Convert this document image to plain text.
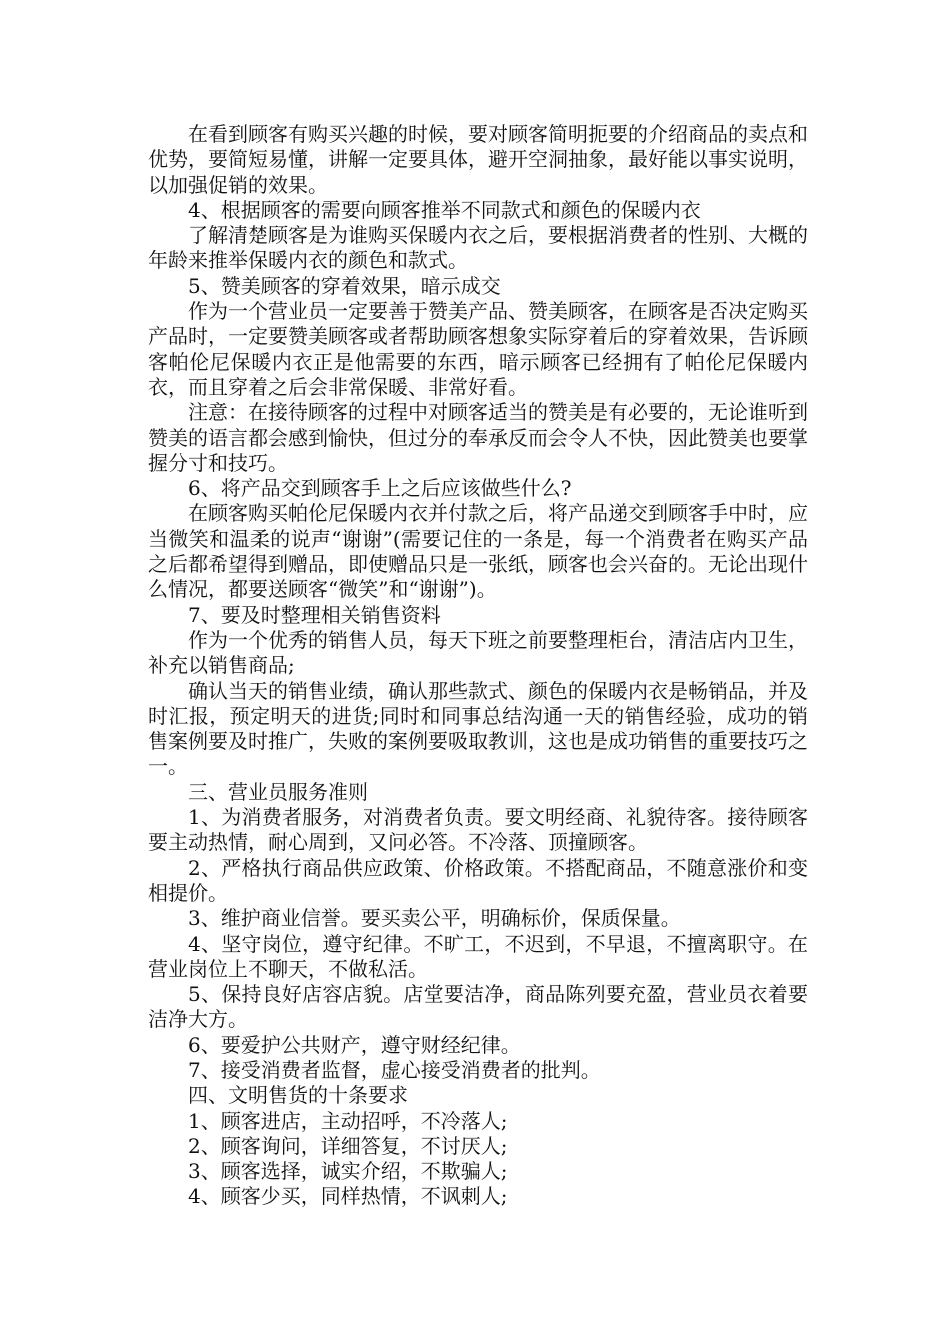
在看到顾客有购买兴趣的时候，要对顾客简明扼要的介绍商品的卖点和优势，要简短易懂，讲解一定要具体，避开空洞抽象，最好能以事实说明，以加强促销的效果。

4、根据顾客的需要向顾客推举不同款式和颜色的保暖内衣

了解清楚顾客是为谁购买保暖内衣之后，要根据消费者的性别、大概的年龄来推举保暖内衣的颜色和款式。

5、赞美顾客的穿着效果，暗示成交

作为一个营业员一定要善于赞美产品、赞美顾客，在顾客是否决定购买产品时，一定要赞美顾客或者帮助顾客想象实际穿着后的穿着效果，告诉顾客帕伦尼保暖内衣正是他需要的东西，暗示顾客已经拥有了帕伦尼保暖内衣，而且穿着之后会非常保暖、非常好看。

注意：在接待顾客的过程中对顾客适当的赞美是有必要的，无论谁听到赞美的语言都会感到愉快，但过分的奉承反而会令人不快，因此赞美也要掌握分寸和技巧。

6、将产品交到顾客手上之后应该做些什么?

在顾客购买帕伦尼保暖内衣并付款之后，将产品递交到顾客手中时，应当微笑和温柔的说声“谢谢”(需要记住的一条是，每一个消费者在购买产品之后都希望得到赠品，即使赠品只是一张纸，顾客也会兴奋的。无论出现什么情况，都要送顾客“微笑”和“谢谢”)。

7、要及时整理相关销售资料

作为一个优秀的销售人员，每天下班之前要整理柜台，清洁店内卫生，补充以销售商品;

确认当天的销售业绩，确认那些款式、颜色的保暖内衣是畅销品，并及时汇报，预定明天的进货;同时和同事总结沟通一天的销售经验，成功的销售案例要及时推广，失败的案例要吸取教训，这也是成功销售的重要技巧之一。

三、营业员服务准则

1、为消费者服务，对消费者负责。要文明经商、礼貌待客。接待顾客要主动热情，耐心周到，又问必答。不冷落、顶撞顾客。

2、严格执行商品供应政策、价格政策。不搭配商品，不随意涨价和变相提价。

3、维护商业信誉。要买卖公平，明确标价，保质保量。

4、坚守岗位，遵守纪律。不旷工，不迟到，不早退，不擅离职守。在营业岗位上不聊天，不做私活。

5、保持良好店容店貌。店堂要洁净，商品陈列要充盈，营业员衣着要洁净大方。

6、要爱护公共财产，遵守财经纪律。

7、接受消费者监督，虚心接受消费者的批判。

四、文明售货的十条要求

1、顾客进店，主动招呼，不冷落人;

2、顾客询问，详细答复，不讨厌人;

3、顾客选择，诚实介绍，不欺骗人;

4、顾客少买，同样热情，不讽刺人;
